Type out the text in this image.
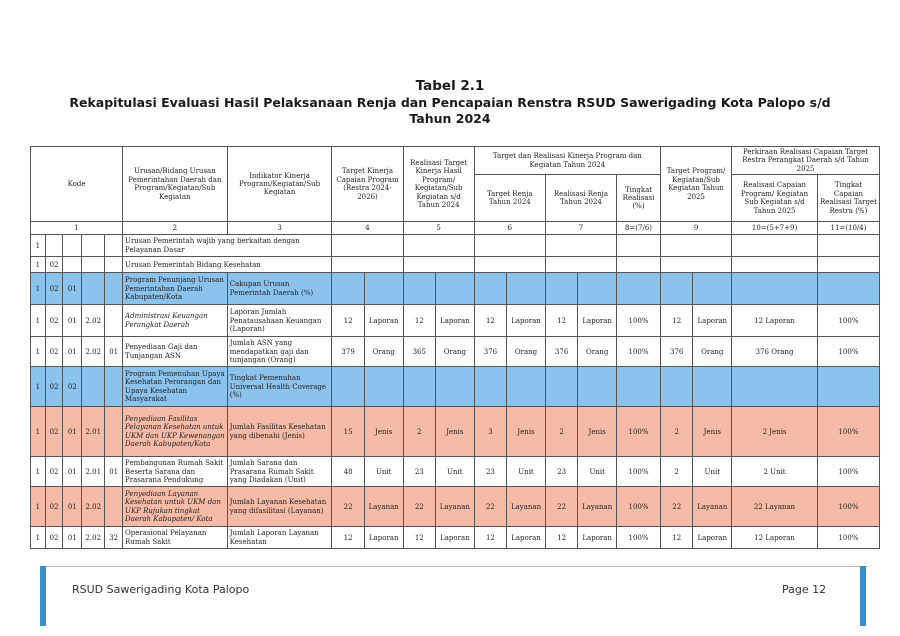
Tabel 2.1
Rekapitulasi Evaluasi Hasil Pelaksanaan Renja dan Pencapaian Renstra RSUD Sawerigading Kota Palopo s/d Tahun 2024
Kode					Urusan/Bidang Urusan Pemerintahan Daerah dan Program/Kegiatan/Sub Kegiatan	Indikator Kinerja Program/Kegiatan/Sub Kegiatan	Target Kinerja Capaian Program (Restra 2024-2026)		Realisasi Target Kinerja Hasil Program/ Kegiatan/Sub Kegiatan s/d Tahun 2024		Target dan Realisasi Kinerja Program dan Kegiatan Tahun 2024					Target Program/ Kegiatan/Sub Kegiatan Tahun 2025		Perkiraan Realisasi Capaian Target Restra Perangkat Daerah s/d Tahun 2025	
											Target Renja Tahun 2024		Realisasi Renja Tahun 2024		Tingkat Realisasi (%)			Realisasi Capaian Program/ Kegiatan Sub Kegiatan s/d Tahun 2025	Tingkat Capaian Realisasi Target Restra (%)
1					2	3	4		5		6		7		8=(7/6)	9		10=(5+7+9)	11=(10/4)
1					Urusan Pemerintah wajib yang berkaitan dengan Pelayanan Dasar														
1	02				Urusan Pemerintah Bidang Kesehatan														
1	02	01			Program Penunjang Urusan Pemerintahan Daerah Kabupaten/Kota	Cakupan Urusan Pemerintah Daerah (%)													
1	02	01	2.02		Administrasi Keuangan Perangkat Daerah	Laporan Jumlah Penatausahaan Keuangan (Laporan)	12	Laporan	12	Laporan	12	Laporan	12	Laporan	100%	12	Laporan	12 Laporan	100%
1	02	01	2.02	01	Penyediaan Gaji dan Tunjangan ASN	Jumlah ASN yang mendapatkan gaji dan tunjangan (Orang)	379	Orang	365	Orang	376	Orang	376	Orang	100%	376	Orang	376 Orang	100%
1	02	02			Program Pemenuhan Upaya Kesehatan Perorangan dan Upaya Kesehatan Masyarakat	Tingkat Pemenuhan Universal Health Coverage (%)													
1	02	01	2.01		Penyediaan Fasilitas Pelayanan Kesehatan untuk UKM dan UKP Kewenangan Daerah Kabupaten/Kota	Jumlah Fasilitas Kesehatan yang dibenahi (Jenis)	15	Jenis	2	Jenis	3	Jenis	2	Jenis	100%	2	Jenis	2 Jenis	100%
1	02	01	2.01	01	Pembangunan Rumah Sakit Beserta Sarana dan Prasarana Pendukung	Jumlah Sarana dan Prasarana Rumah Sakit yang Diadakan (Unit)	48	Unit	23	Unit	23	Unit	23	Unit	100%	2	Unit	2 Unit	100%
1	02	01	2.02		Penyediaan Layanan Kesehatan untuk UKM dan UKP Rujukan tingkat Daerah Kabupaten/ Kota	Jumlah Layanan Kesehatan yang difasilitasi (Layanan)	22	Layanan	22	Layanan	22	Layanan	22	Layanan	100%	22	Layanan	22 Layanan	100%
1	02	01	2.02	32	Operasional Pelayanan Rumah Sakit	Jumlah Laporan Layanan Kesehatan	12	Laporan	12	Laporan	12	Laporan	12	Laporan	100%	12	Laporan	12 Laporan	100%
RSUD Sawerigading Kota Palopo	Page 12
